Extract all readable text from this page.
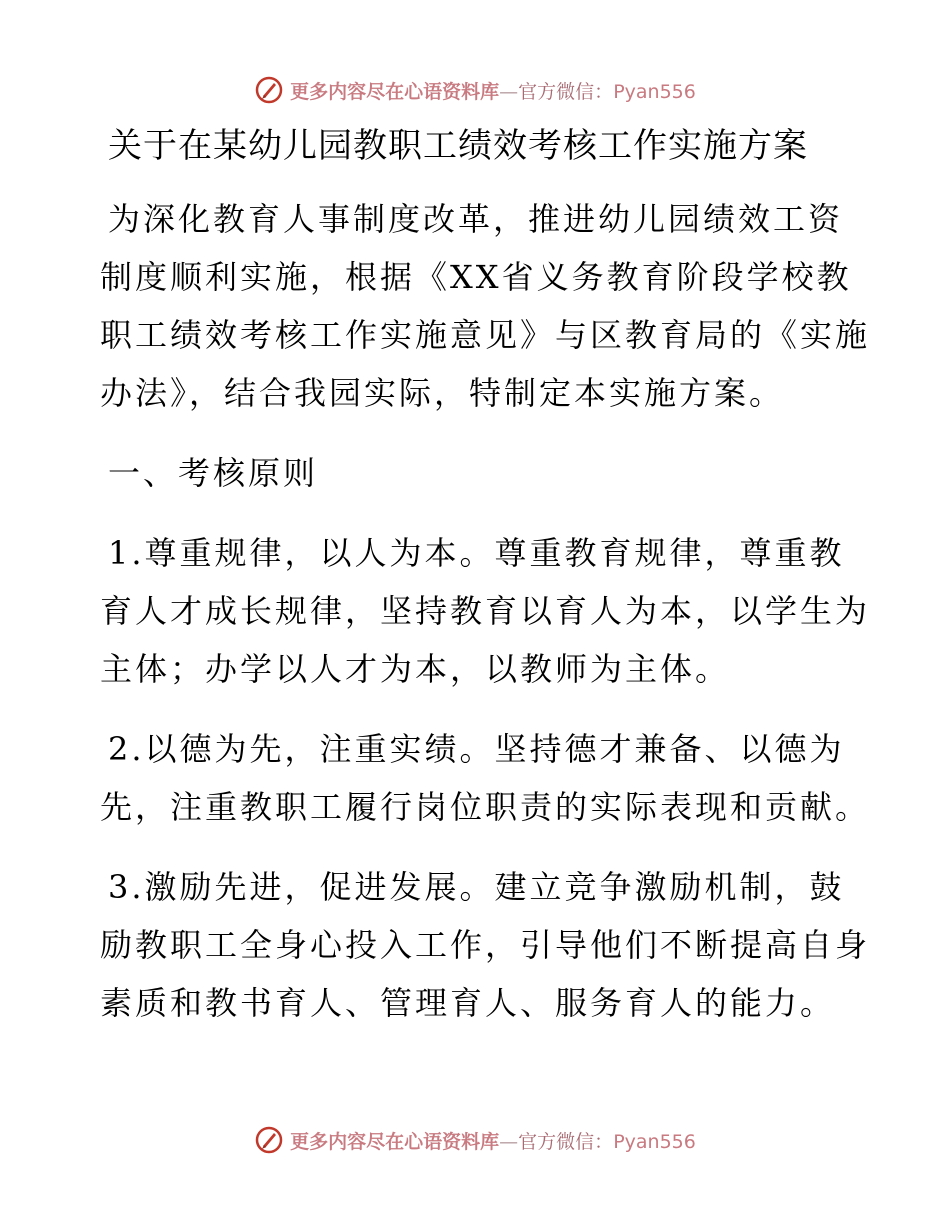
更多内容尽在心语资料库—官方微信：Pyan556
关于在某幼儿园教职工绩效考核工作实施方案

为深化教育人事制度改革，推进幼儿园绩效工资制度顺利实施，根据《XX省义务教育阶段学校教职工绩效考核工作实施意见》与区教育局的《实施办法》，结合我园实际，特制定本实施方案。

一、考核原则

1.尊重规律，以人为本。尊重教育规律，尊重教育人才成长规律，坚持教育以育人为本，以学生为主体；办学以人才为本，以教师为主体。

2.以德为先，注重实绩。坚持德才兼备、以德为先，注重教职工履行岗位职责的实际表现和贡献。

3.激励先进，促进发展。建立竞争激励机制，鼓励教职工全身心投入工作，引导他们不断提高自身素质和教书育人、管理育人、服务育人的能力。

更多内容尽在心语资料库—官方微信：Pyan556
